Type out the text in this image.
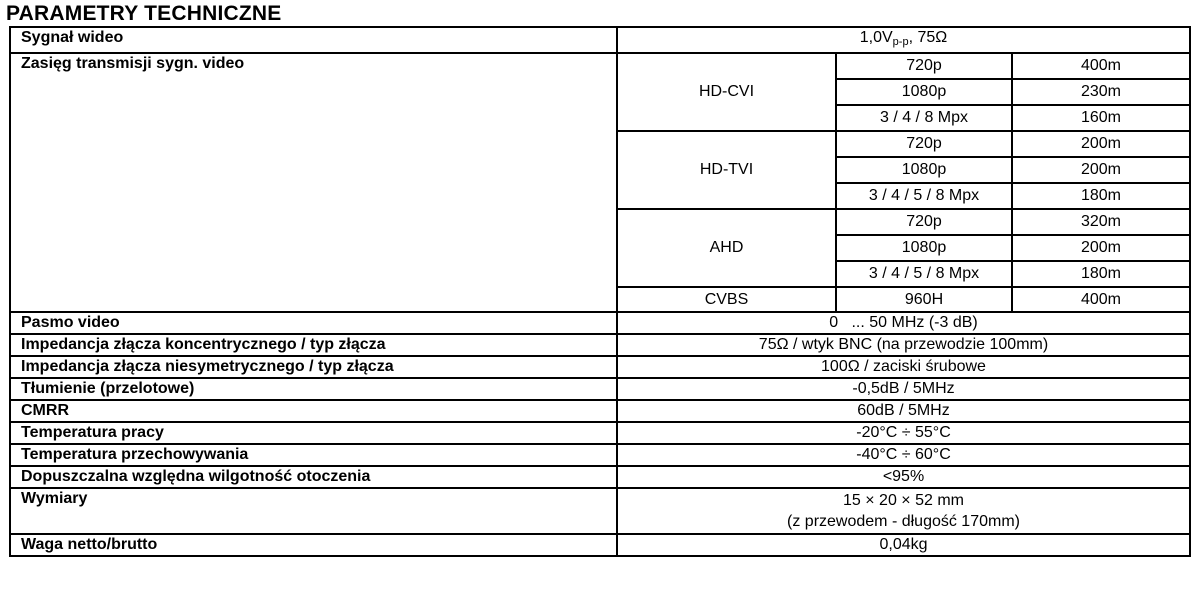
PARAMETRY TECHNICZNE
Sygnał wideo	$1,0V_{p-p}$, 75Ω		
Zasięg transmisji sygn. video	HD-CVI	720p	400m
		1080p	230m
		3 / 4 / 8 Mpx	160m
	HD-TVI	720p	200m
		1080p	200m
		3 / 4 / 5 / 8 Mpx	180m
	AHD	720p	320m
		1080p	200m
		3 / 4 / 5 / 8 Mpx	180m
	CVBS	960H	400m
Pasmo video	0   ... 50 MHz (-3 dB)		
Impedancja złącza koncentrycznego / typ złącza	75Ω / wtyk BNC (na przewodzie 100mm)		
Impedancja złącza niesymetrycznego / typ złącza	100Ω / zaciski śrubowe		
Tłumienie (przelotowe)	-0,5dB / 5MHz		
CMRR	60dB / 5MHz		
Temperatura pracy	-20°C ÷ 55°C		
Temperatura przechowywania	-40°C ÷ 60°C		
Dopuszczalna względna wilgotność otoczenia	<95%		
Wymiary	15 × 20 × 52 mm
(z przewodem - długość 170mm)		

Waga netto/brutto	0,04kg		
